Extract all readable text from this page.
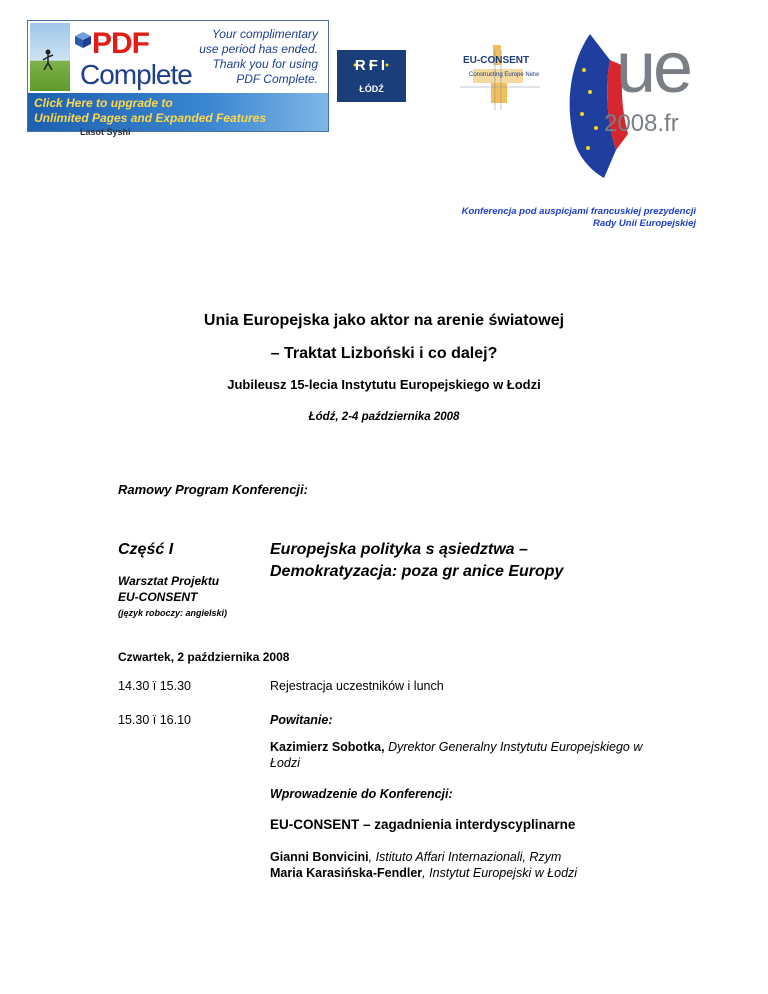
PDF
Complete
Your complimentary
use period has ended.
Thank you for using
PDF Complete.
Click Here to upgrade to
Unlimited Pages and Expanded Features
Lasot Syshi
RFI
ŁÓDŹ
EU-CONSENT
Constructing Europe Netw ue
2008.fr
Konferencja pod auspicjami francuskiej prezydencji
Rady Unii Europejskiej
Unia Europejska jako aktor na arenie światowej
– Traktat Lizboński i co dalej?
Jubileusz 15-lecia Instytutu Europejskiego w Łodzi
Łódź, 2-4 października 2008
Ramowy Program Konferencji:
Część I	Europejska polityka s ąsiedztwa –
Demokratyzacja: poza gr anice Europy
Warsztat Projektu
EU-CONSENT
(język roboczy: angielski)
Czwartek, 2 października 2008
14.30 ï 15.30	Rejestracja uczestników i lunch
15.30 ï 16.10	Powitanie:
Kazimierz Sobotka, Dyrektor Generalny Instytutu Europejskiego w Łodzi
Wprowadzenie do Konferencji:
EU-CONSENT – zagadnienia interdyscyplinarne
Gianni Bonvicini, Istituto Affari Internazionali, Rzym
Maria Karasińska-Fendler, Instytut Europejski w Łodzi
